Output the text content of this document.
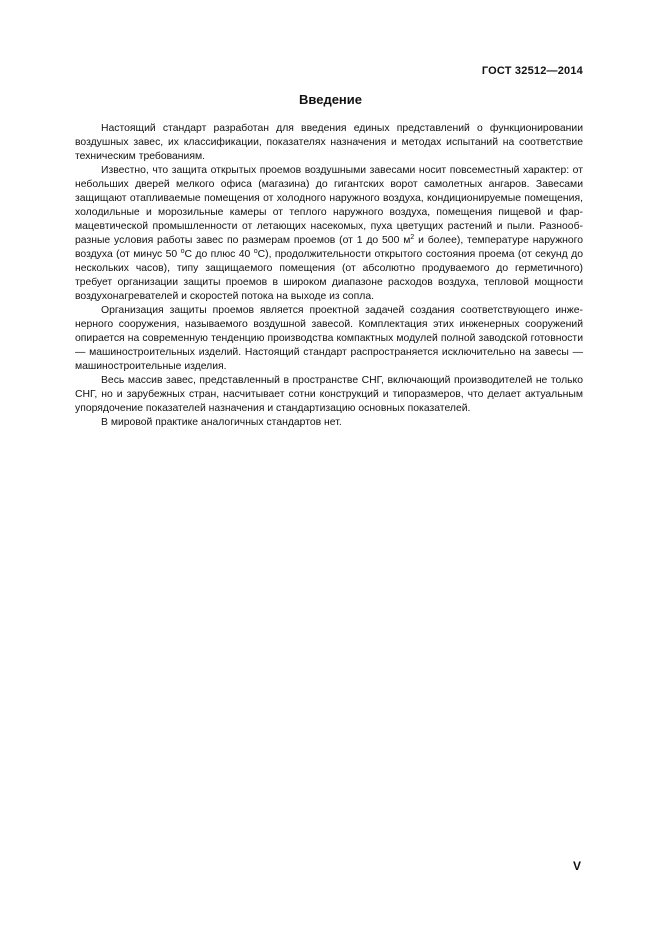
ГОСТ 32512—2014
Введение

Настоящий стандарт разработан для введения единых представлений о функционировании воздушных завес, их классификации, показателях назначения и методах испытаний на соответствие техническим требованиям.

Известно, что защита открытых проемов воздушными завесами носит повсеместный характер: от небольших дверей мелкого офиса (магазина) до гигантских ворот самолетных ангаров. Завесами защищают отапливаемые помещения от холодного наружного воздуха, кондиционируемые помещения, холодильные и морозильные камеры от теплого наружного воздуха, помещения пищевой и фармацевтической промышленности от летающих насекомых, пуха цветущих растений и пыли. Разнообразные условия работы завес по размерам проемов (от 1 до 500 $м^2$ и более), температуре наружного воздуха (от минус 50 $^о$С до плюс 40 $^о$С), продолжительности открытого состояния проема (от секунд до нескольких часов), типу защищаемого помещения (от абсолютно продуваемого до герметичного) требует организации защиты проемов в широком диапазоне расходов воздуха, тепловой мощности воздухонагревателей и скоростей потока на выходе из сопла.

Организация защиты проемов является проектной задачей создания соответствующего инженерного сооружения, называемого воздушной завесой. Комплектация этих инженерных сооружений опирается на современную тенденцию производства компактных модулей полной заводской готовности — машиностроительных изделий. Настоящий стандарт распространяется исключительно на завесы — машиностроительные изделия.

Весь массив завес, представленный в пространстве СНГ, включающий производителей не только СНГ, но и зарубежных стран, насчитывает сотни конструкций и типоразмеров, что делает актуальным упорядочение показателей назначения и стандартизацию основных показателей.

В мировой практике аналогичных стандартов нет.

V
